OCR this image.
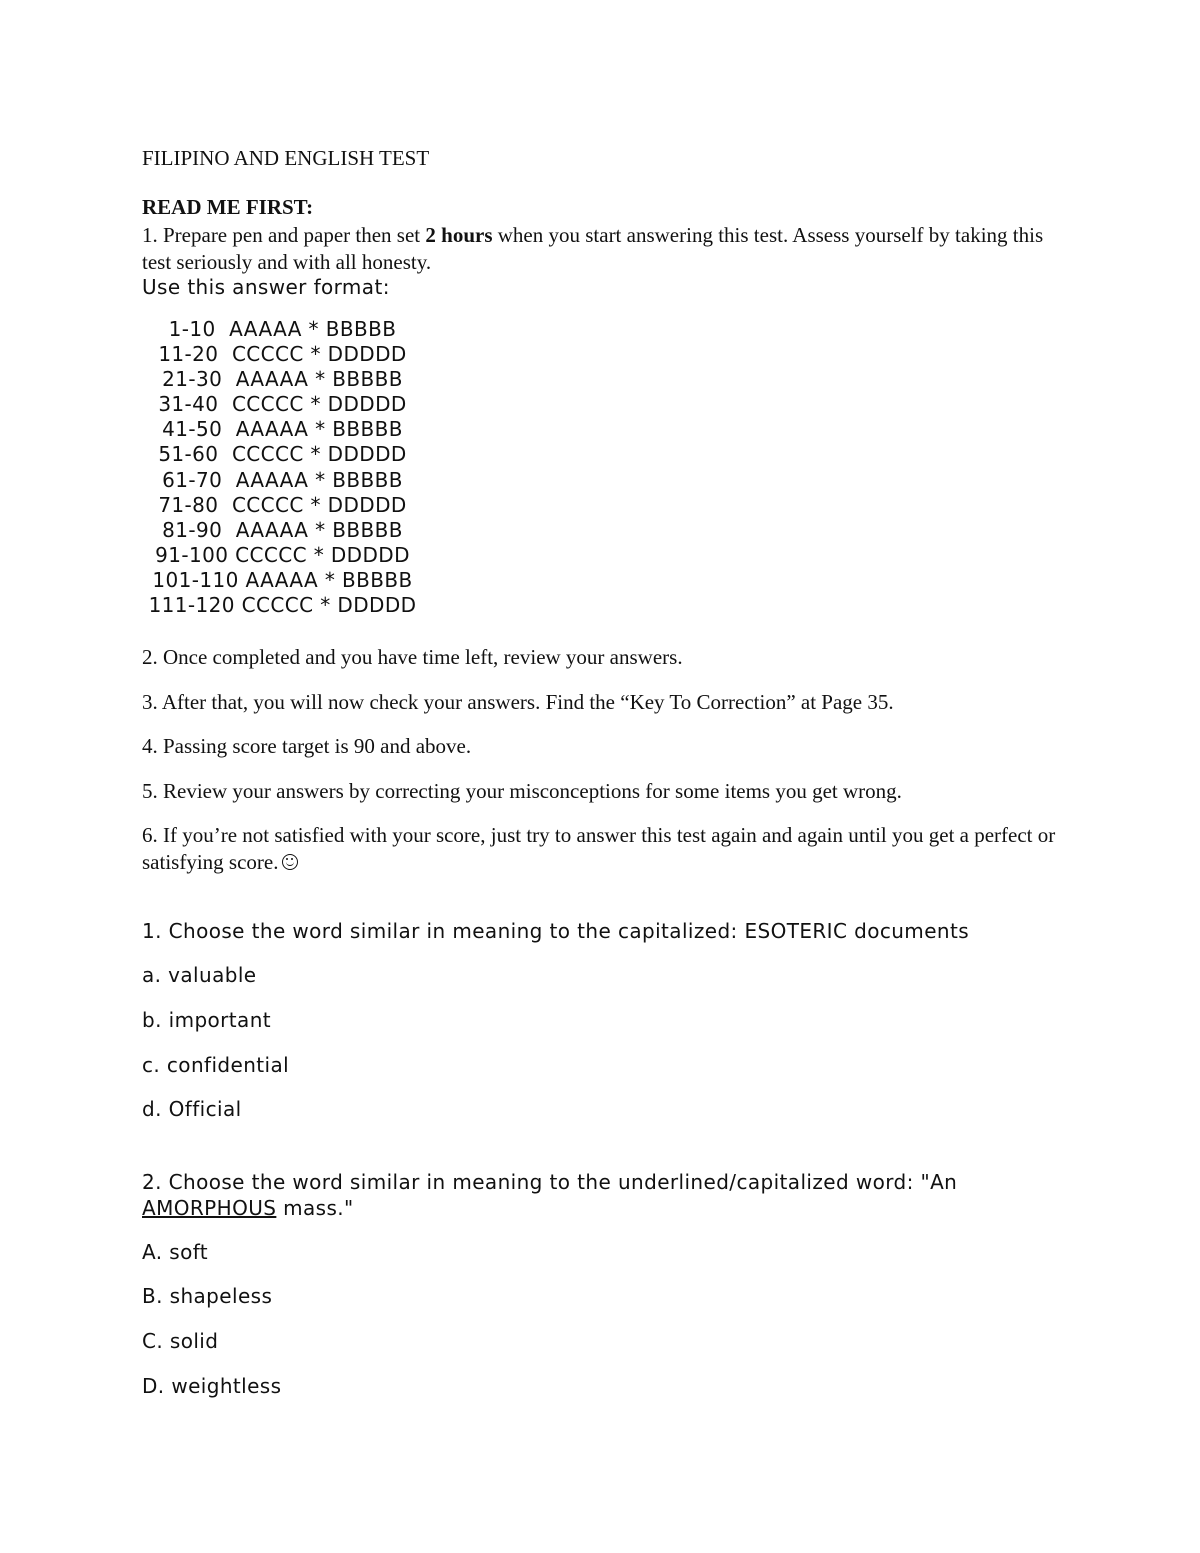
FILIPINO AND ENGLISH TEST
READ ME FIRST:
1. Prepare pen and paper then set 2 hours when you start answering this test. Assess yourself by taking this test seriously and with all honesty.
Use this answer format:
1-10  AAAAA * BBBBB
11-20  CCCCC * DDDDD
21-30  AAAAA * BBBBB
31-40  CCCCC * DDDDD
41-50  AAAAA * BBBBB
51-60  CCCCC * DDDDD
61-70  AAAAA * BBBBB
71-80  CCCCC * DDDDD
81-90  AAAAA * BBBBB
91-100 CCCCC * DDDDD
101-110 AAAAA * BBBBB
111-120 CCCCC * DDDDD
2. Once completed and you have time left, review your answers.
3. After that, you will now check your answers. Find the “Key To Correction” at Page 35.
4. Passing score target is 90 and above.
5. Review your answers by correcting your misconceptions for some items you get wrong.
6. If you’re not satisfied with your score, just try to answer this test again and again until you get a perfect or satisfying score.
1. Choose the word similar in meaning to the capitalized: ESOTERIC documents
a. valuable
b. important
c. confidential
d. Official
2. Choose the word similar in meaning to the underlined/capitalized word: "An AMORPHOUS mass."
A. soft
B. shapeless
C. solid
D. weightless
